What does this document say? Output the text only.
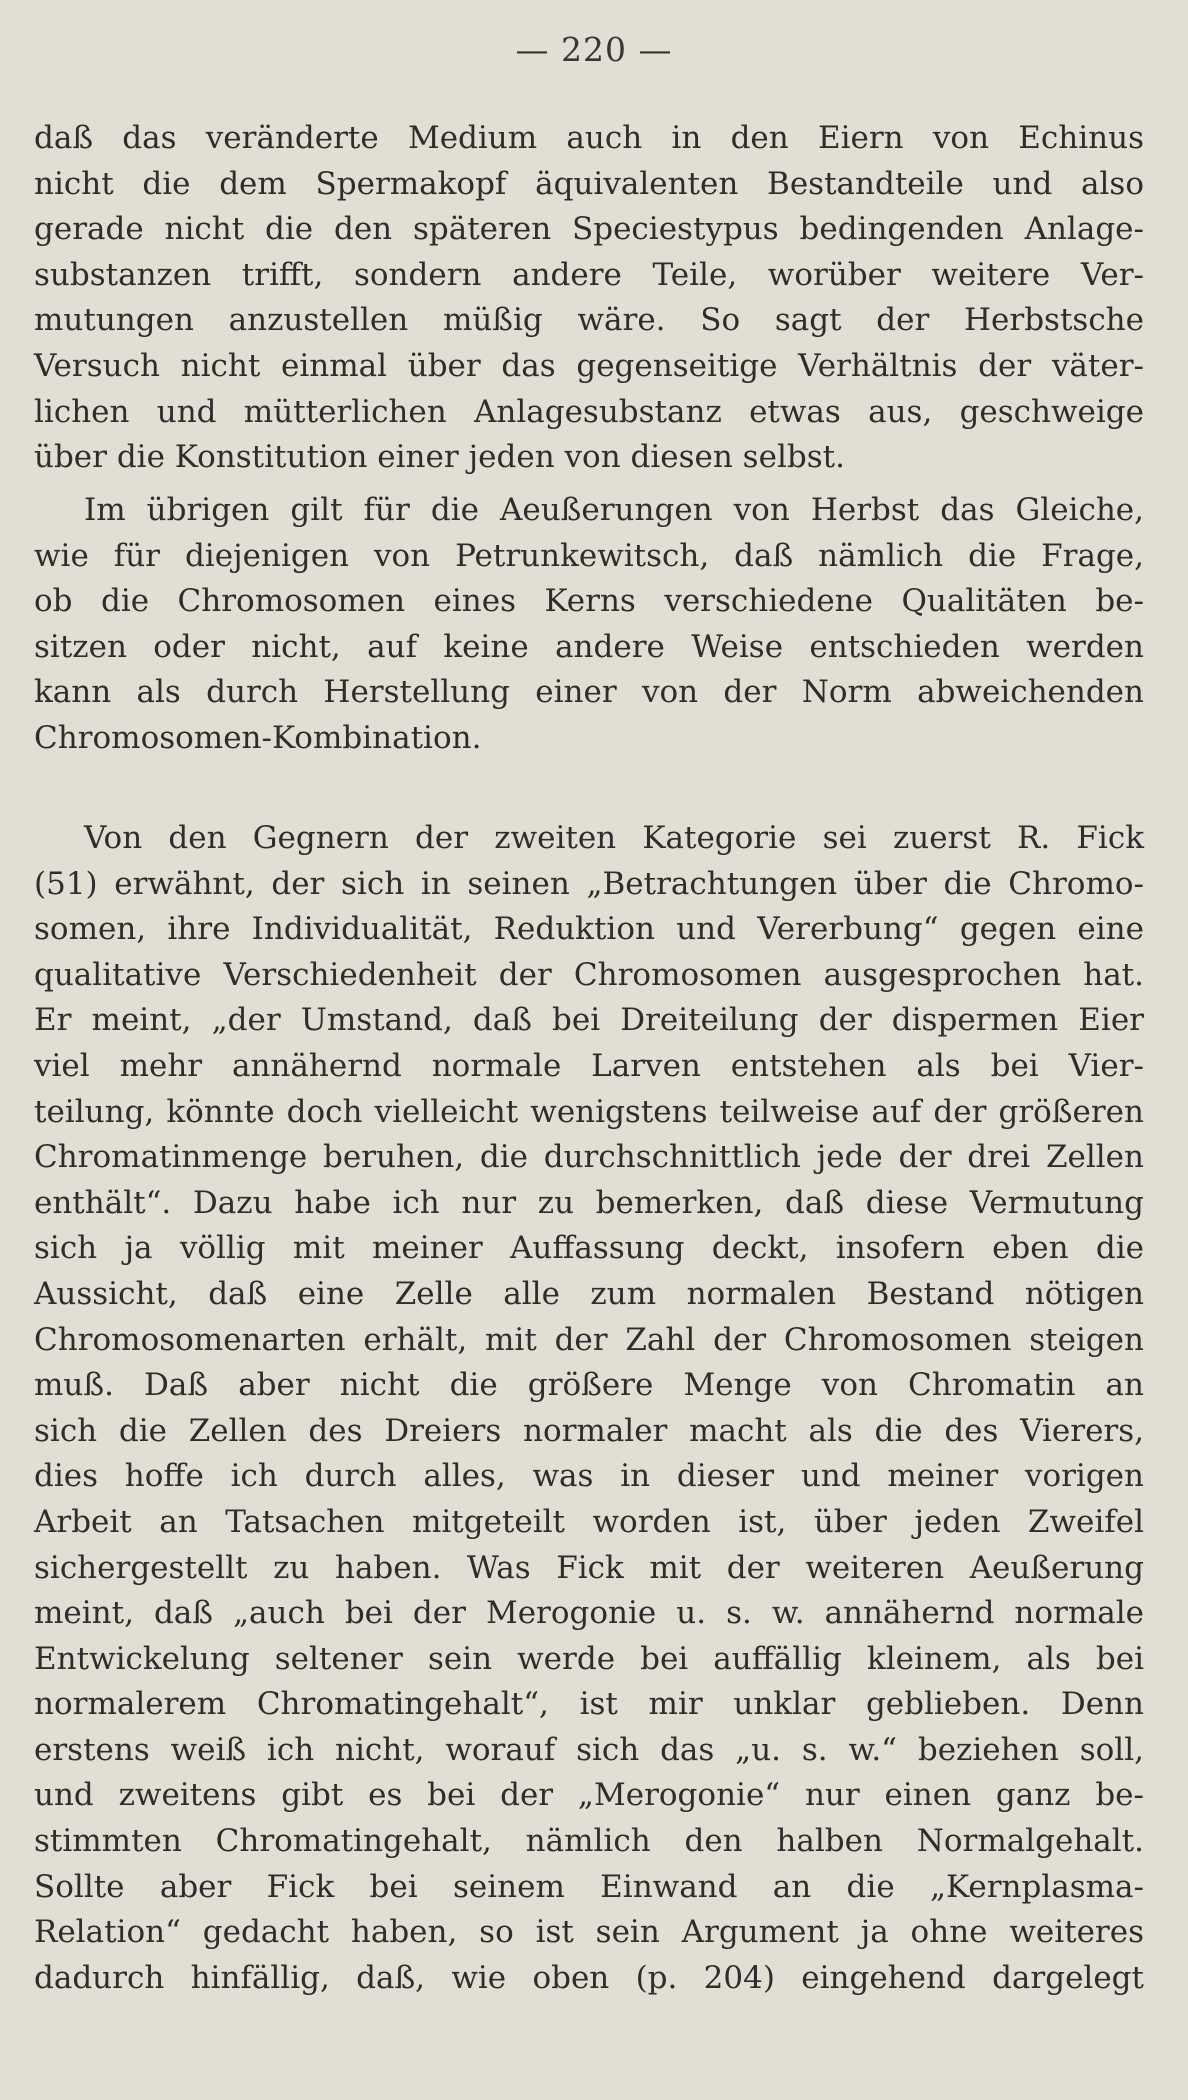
— 220 —
daß das veränderte Medium auch in den Eiern von Echinus
nicht die dem Spermakopf äquivalenten Bestandteile und also
gerade nicht die den späteren Speciestypus bedingenden Anlage-
substanzen trifft, sondern andere Teile, worüber weitere Ver-
mutungen anzustellen müßig wäre. So sagt der Herbstsche
Versuch nicht einmal über das gegenseitige Verhältnis der väter-
lichen und mütterlichen Anlagesubstanz etwas aus, geschweige
über die Konstitution einer jeden von diesen selbst.
Im übrigen gilt für die Aeußerungen von Herbst das Gleiche,
wie für diejenigen von Petrunkewitsch, daß nämlich die Frage,
ob die Chromosomen eines Kerns verschiedene Qualitäten be-
sitzen oder nicht, auf keine andere Weise entschieden werden
kann als durch Herstellung einer von der Norm abweichenden
Chromosomen-Kombination.
Von den Gegnern der zweiten Kategorie sei zuerst R. Fick
(51) erwähnt, der sich in seinen „Betrachtungen über die Chromo-
somen, ihre Individualität, Reduktion und Vererbung“ gegen eine
qualitative Verschiedenheit der Chromosomen ausgesprochen hat.
Er meint, „der Umstand, daß bei Dreiteilung der dispermen Eier
viel mehr annähernd normale Larven entstehen als bei Vier-
teilung, könnte doch vielleicht wenigstens teilweise auf der größeren
Chromatinmenge beruhen, die durchschnittlich jede der drei Zellen
enthält“. Dazu habe ich nur zu bemerken, daß diese Vermutung
sich ja völlig mit meiner Auffassung deckt, insofern eben die
Aussicht, daß eine Zelle alle zum normalen Bestand nötigen
Chromosomenarten erhält, mit der Zahl der Chromosomen steigen
muß. Daß aber nicht die größere Menge von Chromatin an
sich die Zellen des Dreiers normaler macht als die des Vierers,
dies hoffe ich durch alles, was in dieser und meiner vorigen
Arbeit an Tatsachen mitgeteilt worden ist, über jeden Zweifel
sichergestellt zu haben. Was Fick mit der weiteren Aeußerung
meint, daß „auch bei der Merogonie u. s. w. annähernd normale
Entwickelung seltener sein werde bei auffällig kleinem, als bei
normalerem Chromatingehalt“, ist mir unklar geblieben. Denn
erstens weiß ich nicht, worauf sich das „u. s. w.“ beziehen soll,
und zweitens gibt es bei der „Merogonie“ nur einen ganz be-
stimmten Chromatingehalt, nämlich den halben Normalgehalt.
Sollte aber Fick bei seinem Einwand an die „Kernplasma-
Relation“ gedacht haben, so ist sein Argument ja ohne weiteres
dadurch hinfällig, daß, wie oben (p. 204) eingehend dargelegt
